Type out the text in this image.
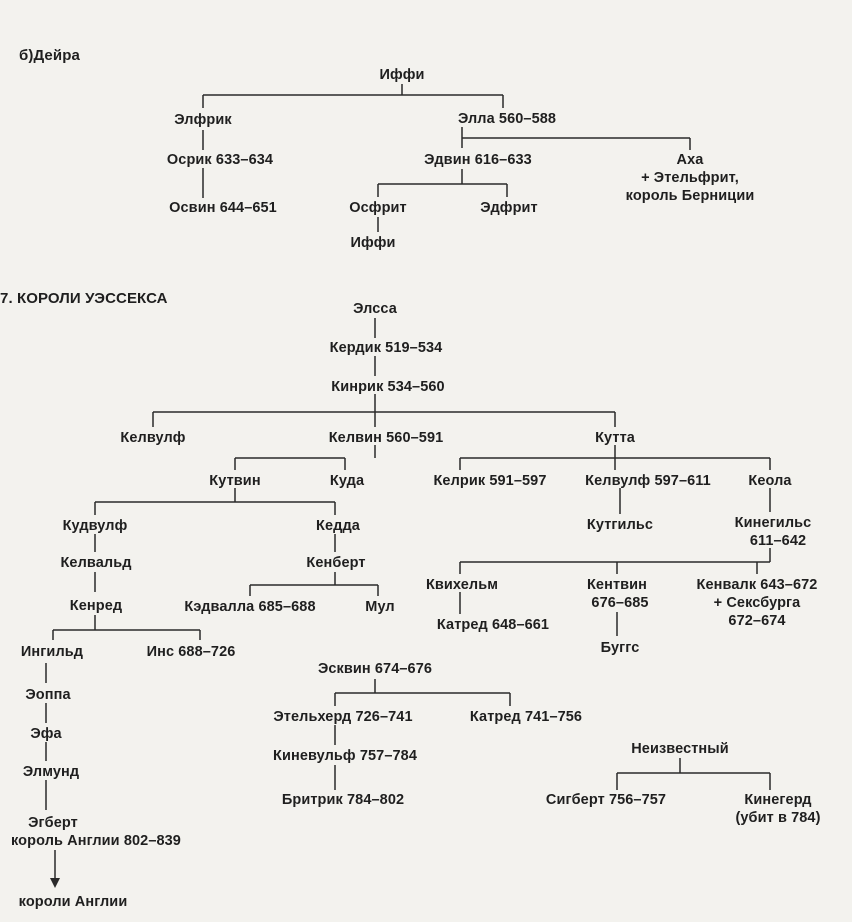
б)Дейра
Иффи
Элфрик	Элла 560–588
Осрик 633–634	Эдвин 616–633	Аха
+ Этельфрит,
король Берниции
Освин 644–651	Осфрит	Эдфрит
Иффи
7. КОРОЛИ УЭССЕКСА
Элсса
Кердик 519–534
Кинрик 534–560
Келвулф	Келвин 560–591	Кутта
Кутвин	Куда	Келрик 591–597	Келвулф 597–611	Кеола
Кудвулф	Кедда	Кутгильс	Кинегильс
611–642
Келвальд	Кенберт
Квихельм	Кентвин
676–685
Кенвалк 643–672
+ Сексбурга
672–674
Кенред	Кэдвалла 685–688	Мул
Катред 648–661
Буггс
Ингильд	Инс 688–726
Эсквин 674–676
Эоппа
Этельхерд 726–741	Катред 741–756
Эфа
Киневульф 757–784	Неизвестный
Элмунд
Бритрик 784–802	Сигберт 756–757	Кинегерд
(убит в 784)
Эгберт
король Англии 802–839
короли Англии
